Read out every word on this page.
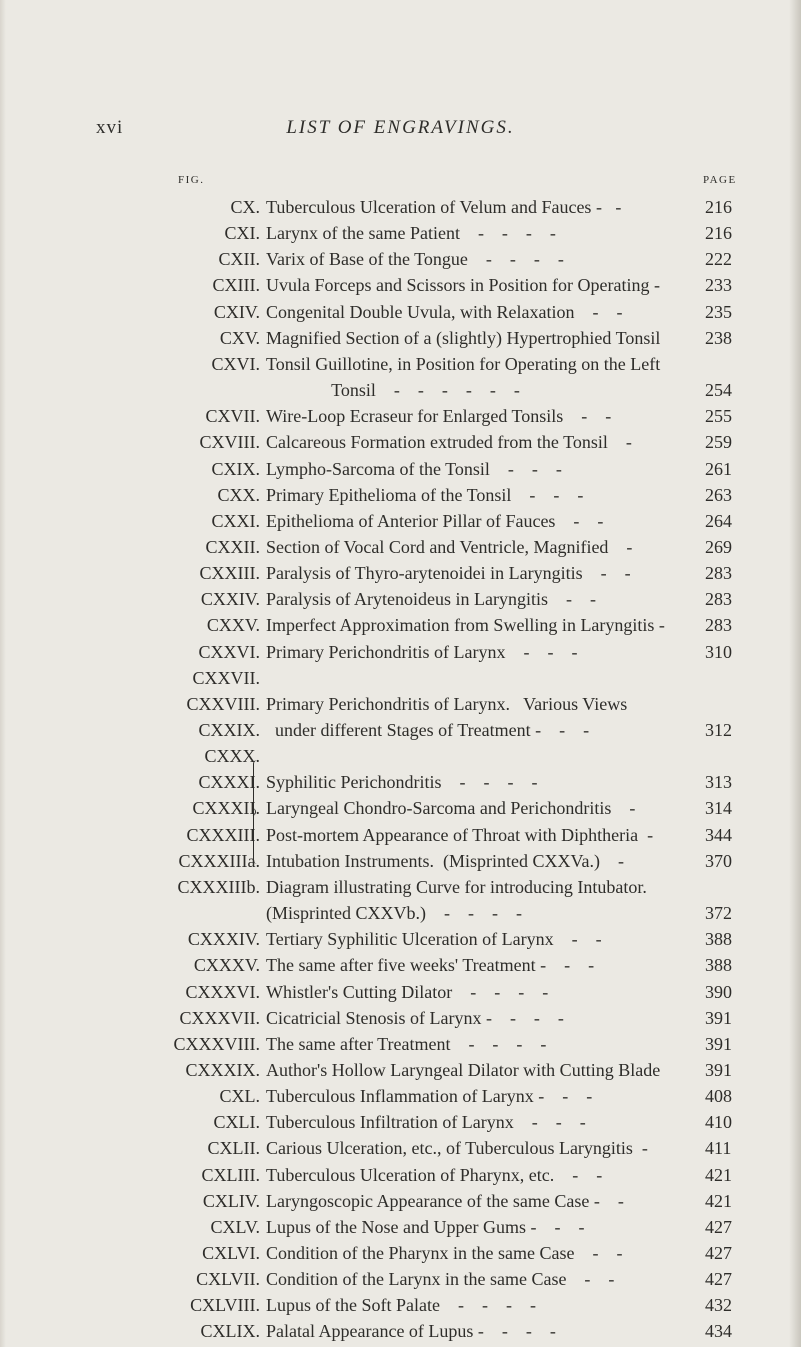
xvi	LIST OF ENGRAVINGS.
FIG.	PAGE
CX. Tuberculous Ulceration of Velum and Fauces -   -	216
CXI. Larynx of the same Patient    -    -    -    -	216
CXII. Varix of Base of the Tongue    -    -    -    -	222
CXIII. Uvula Forceps and Scissors in Position for Operating - 233
CXIV. Congenital Double Uvula, with Relaxation    -    -	235
CXV. Magnified Section of a (slightly) Hypertrophied Tonsil 238
CXVI. Tonsil Guillotine, in Position for Operating on the Left
Tonsil    -    -    -    -    -    -	254
CXVII. Wire-Loop Ecraseur for Enlarged Tonsils    -    -	255
CXVIII. Calcareous Formation extruded from the Tonsil    -	259
CXIX. Lympho-Sarcoma of the Tonsil    -    -    -	261
CXX. Primary Epithelioma of the Tonsil    -    -    -	263
CXXI. Epithelioma of Anterior Pillar of Fauces    -    -	264
CXXII. Section of Vocal Cord and Ventricle, Magnified    -	269
CXXIII. Paralysis of Thyro-arytenoidei in Laryngitis    -    -	283
CXXIV. Paralysis of Arytenoideus in Laryngitis    -    -	283
CXXV. Imperfect Approximation from Swelling in Laryngitis - 283
CXXVI. Primary Perichondritis of Larynx    -    -    -	310
CXXVII.
CXXVIII. Primary Perichondritis of Larynx.   Various Views
CXXIX. under different Stages of Treatment -    -    -	312
CXXX.
CXXXI. Syphilitic Perichondritis    -    -    -    -	313
CXXXII. Laryngeal Chondro-Sarcoma and Perichondritis    -	314
CXXXIII. Post-mortem Appearance of Throat with Diphtheria  -	344
CXXXIIIa. Intubation Instruments.  (Misprinted CXXVa.)    -	370
CXXXIIIb. Diagram illustrating Curve for introducing Intubator.
(Misprinted CXXVb.)    -    -    -    -	372
CXXXIV. Tertiary Syphilitic Ulceration of Larynx    -    -	388
CXXXV. The same after five weeks' Treatment -    -    -	388
CXXXVI. Whistler's Cutting Dilator    -    -    -    -	390
CXXXVII. Cicatricial Stenosis of Larynx -    -    -    -	391
CXXXVIII. The same after Treatment    -    -    -    -	391
CXXXIX. Author's Hollow Laryngeal Dilator with Cutting Blade 391
CXL. Tuberculous Inflammation of Larynx -    -    -	408
CXLI. Tuberculous Infiltration of Larynx    -    -    -	410
CXLII. Carious Ulceration, etc., of Tuberculous Laryngitis  -	411
CXLIII. Tuberculous Ulceration of Pharynx, etc.    -    -	421
CXLIV. Laryngoscopic Appearance of the same Case -    -	421
CXLV. Lupus of the Nose and Upper Gums -    -    -	427
CXLVI. Condition of the Pharynx in the same Case    -    -	427
CXLVII. Condition of the Larynx in the same Case    -    -	427
CXLVIII. Lupus of the Soft Palate    -    -    -    -	432
CXLIX. Palatal Appearance of Lupus -    -    -    -	434
